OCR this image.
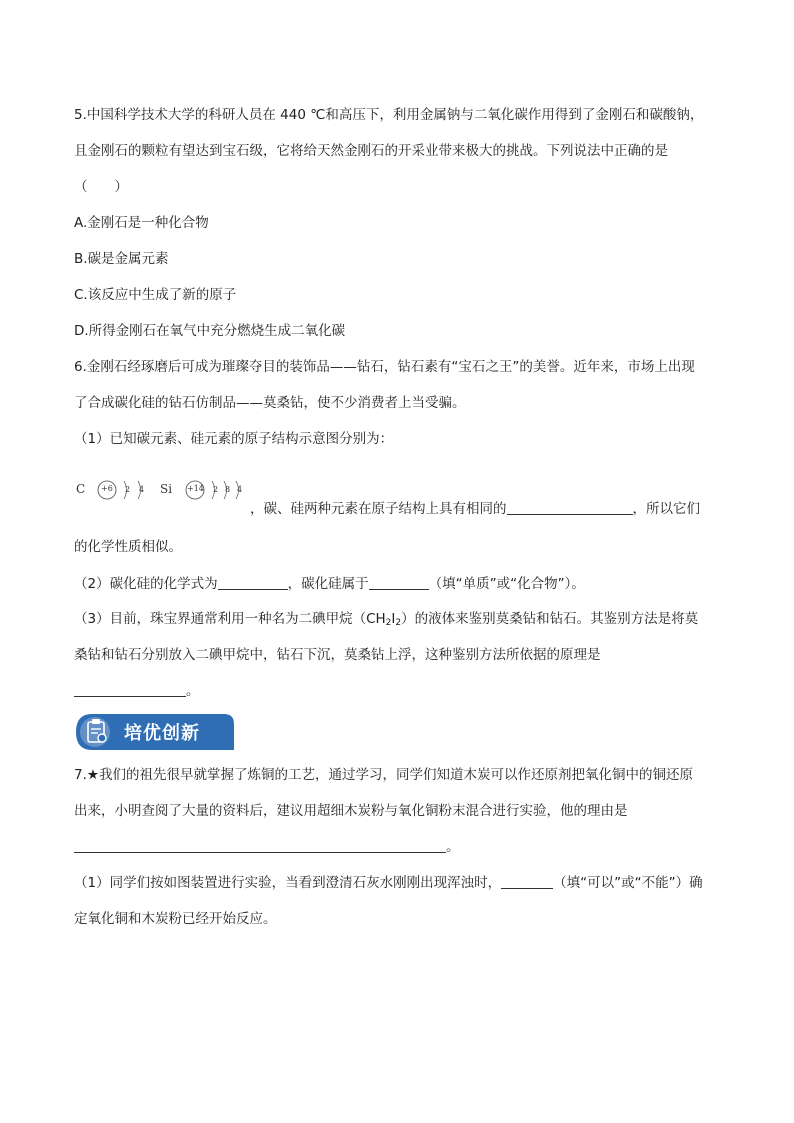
5.中国科学技术大学的科研人员在 440 ℃和高压下，利用金属钠与二氧化碳作用得到了金刚石和碳酸钠，
且金刚石的颗粒有望达到宝石级，它将给天然金刚石的开采业带来极大的挑战。下列说法中正确的是
（　　）
A.金刚石是一种化合物
B.碳是金属元素
C.该反应中生成了新的原子
D.所得金刚石在氧气中充分燃烧生成二氧化碳
6.金刚石经琢磨后可成为璀璨夺目的装饰品——钻石，钻石素有“宝石之王”的美誉。近年来，市场上出现
了合成碳化硅的钻石仿制品——莫桑钻，使不少消费者上当受骗。
（1）已知碳元素、硅元素的原子结构示意图分别为：
C +6 2 4 Si +14 2 8 4
，碳、硅两种元素在原子结构上具有相同的	，所以它们
的化学性质相似。
（2）碳化硅的化学式为	，碳化硅属于	（填“单质”或“化合物”）。
（3）目前，珠宝界通常利用一种名为二碘甲烷$(CH_2I_2)$的液体来鉴别莫桑钻和钻石。其鉴别方法是将莫
桑钻和钻石分别放入二碘甲烷中，钻石下沉，莫桑钻上浮，这种鉴别方法所依据的原理是
。
培优创新
7.★我们的祖先很早就掌握了炼铜的工艺，通过学习，同学们知道木炭可以作还原剂把氧化铜中的铜还原
出来，小明查阅了大量的资料后，建议用超细木炭粉与氧化铜粉末混合进行实验，他的理由是
。
（1）同学们按如图装置进行实验，当看到澄清石灰水刚刚出现浑浊时，	（填“可以”或“不能”）确
定氧化铜和木炭粉已经开始反应。
